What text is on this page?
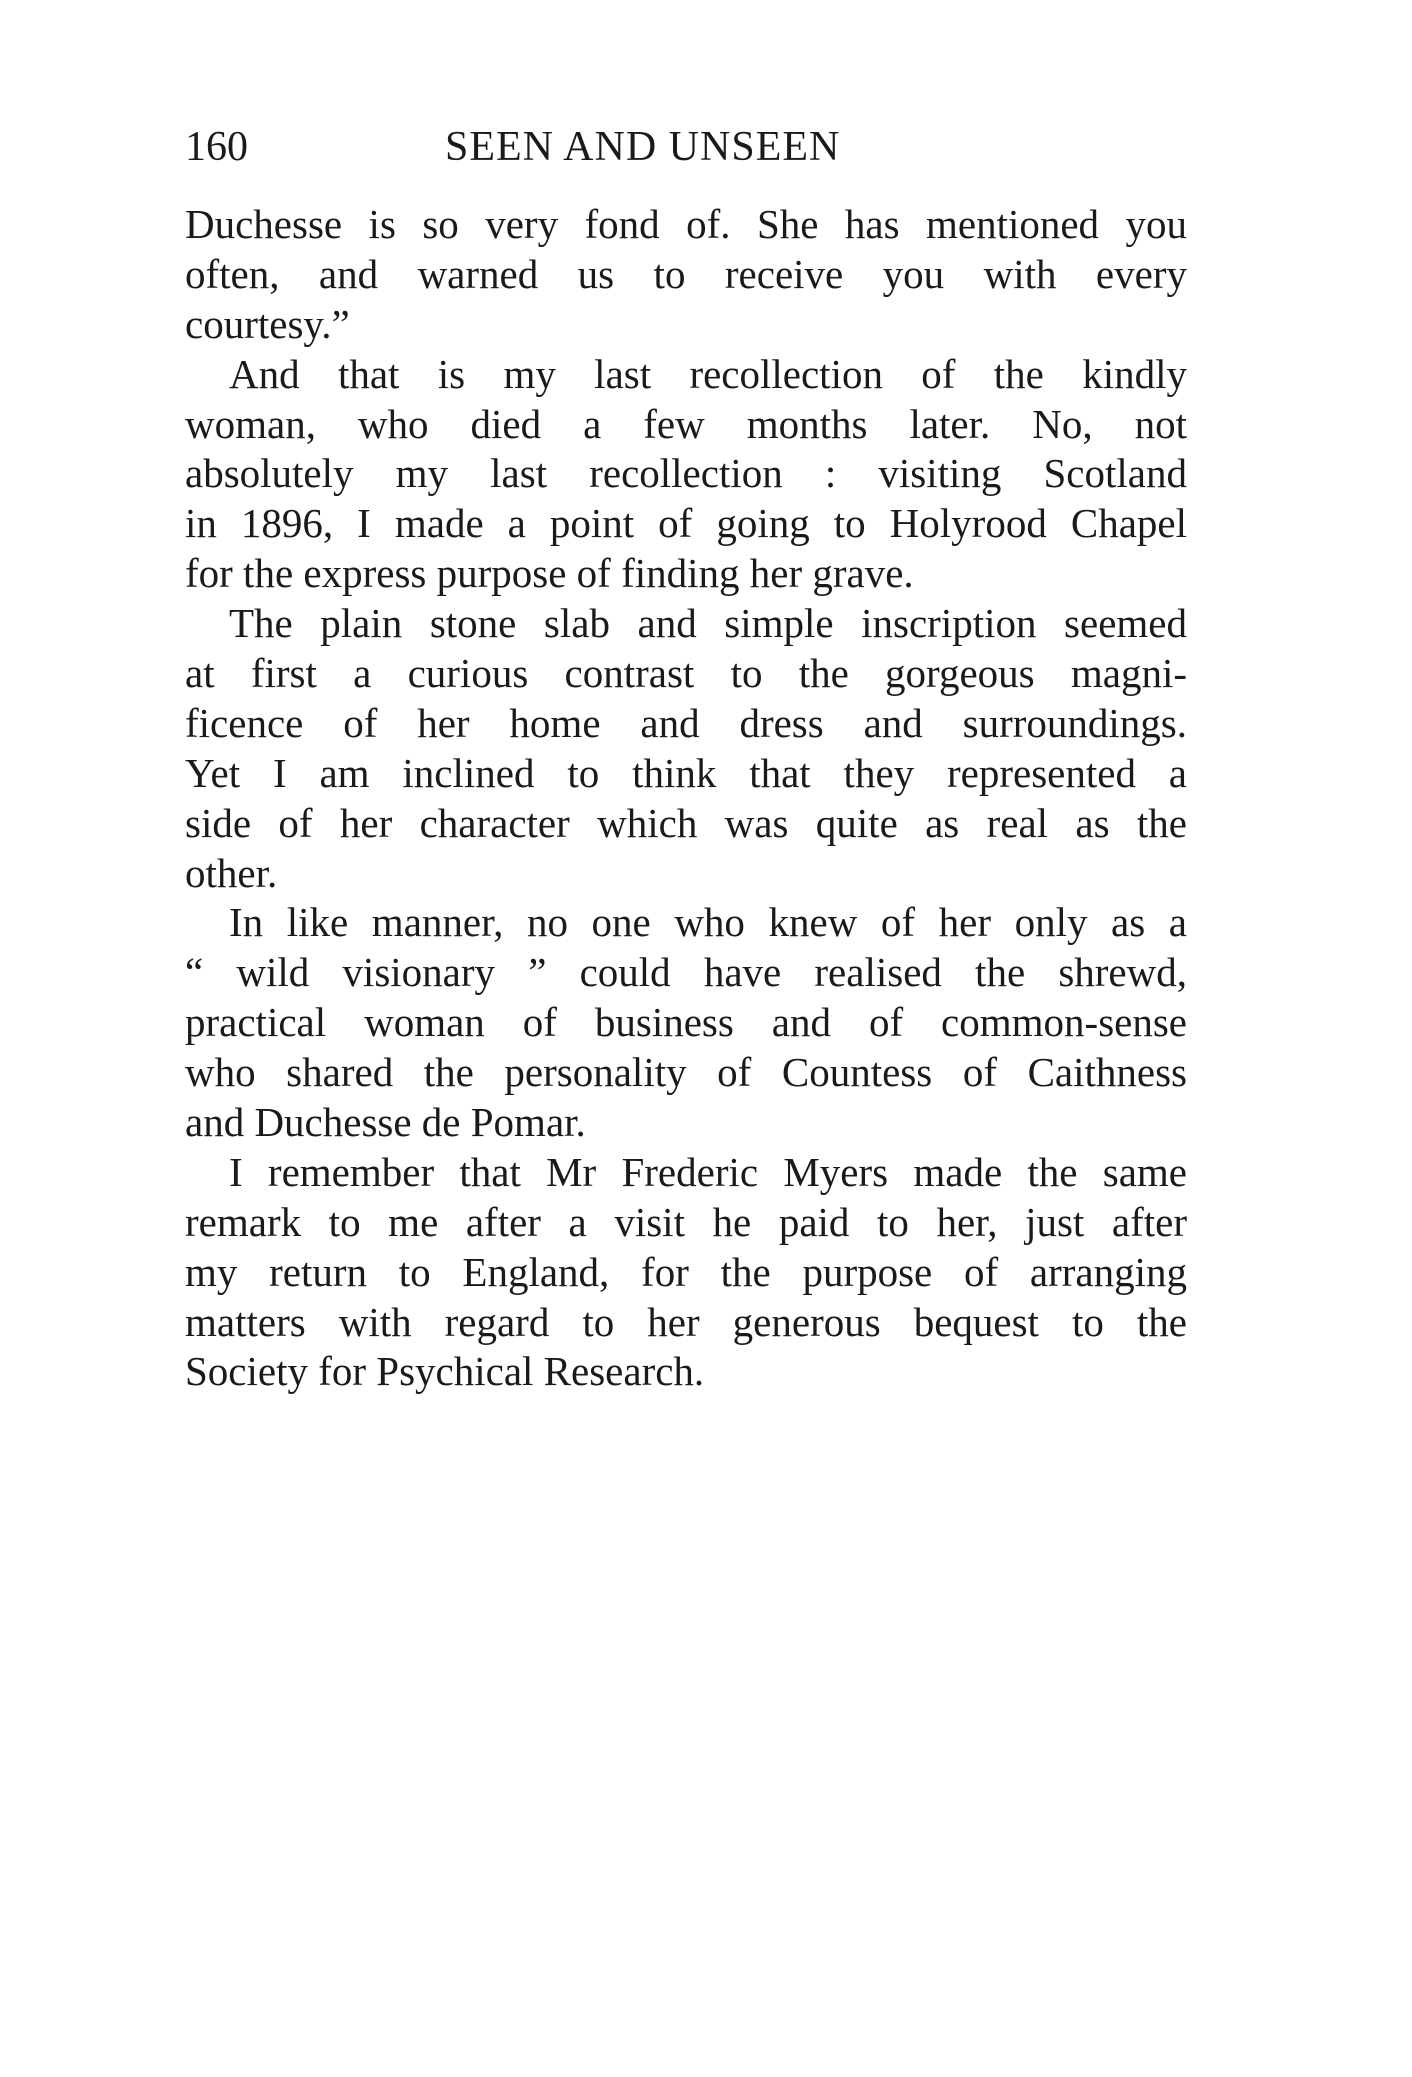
160	SEEN AND UNSEEN
Duchesse is so very fond of. She has mentioned you
often, and warned us to receive you with every
courtesy.”
And that is my last recollection of the kindly
woman, who died a few months later. No, not
absolutely my last recollection : visiting Scotland
in 1896, I made a point of going to Holyrood Chapel
for the express purpose of finding her grave.
The plain stone slab and simple inscription seemed
at first a curious contrast to the gorgeous magni-
ficence of her home and dress and surroundings.
Yet I am inclined to think that they represented a
side of her character which was quite as real as the
other.
In like manner, no one who knew of her only as a
“ wild visionary ” could have realised the shrewd,
practical woman of business and of common-sense
who shared the personality of Countess of Caithness
and Duchesse de Pomar.
I remember that Mr Frederic Myers made the same
remark to me after a visit he paid to her, just after
my return to England, for the purpose of arranging
matters with regard to her generous bequest to the
Society for Psychical Research.
